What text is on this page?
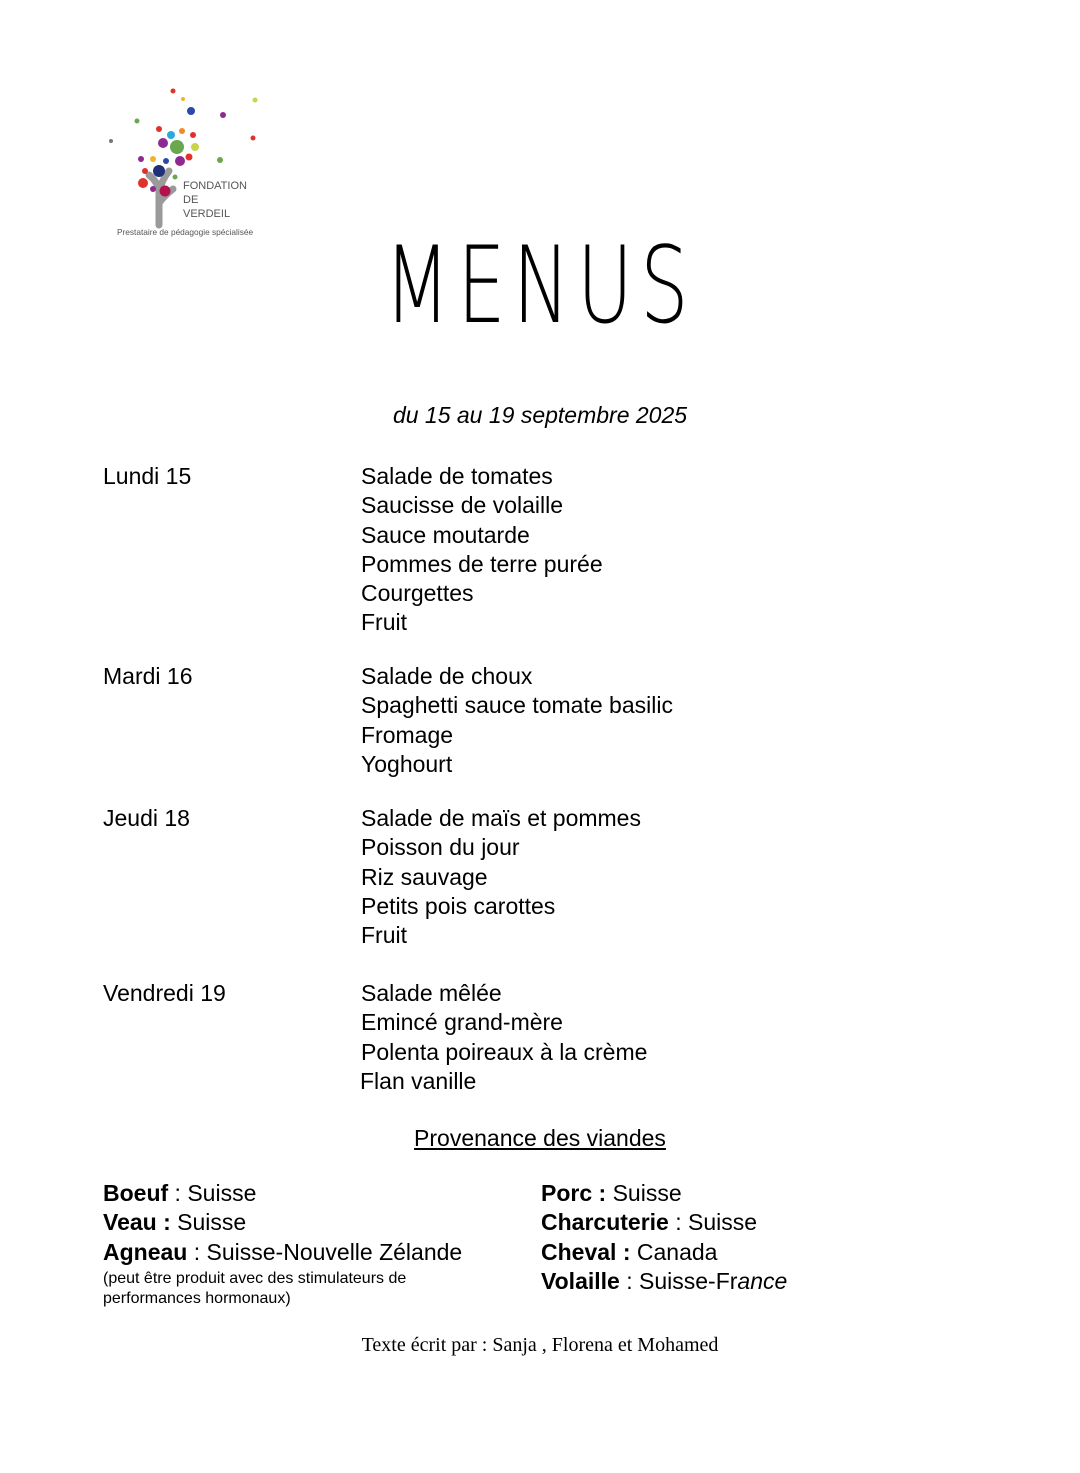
FONDATION
DE
VERDEIL
Prestataire de pédagogie spécialisée	MENUS
du 15 au 19 septembre 2025
Lundi 15	Salade de tomates
Saucisse de volaille
Sauce moutarde
Pommes de terre purée
Courgettes
Fruit
Mardi 16	Salade de choux
Spaghetti sauce tomate basilic
Fromage
Yoghourt
Jeudi 18	Salade de maïs et pommes
Poisson du jour
Riz sauvage
Petits pois carottes
Fruit
Vendredi 19	Salade mêlée
Emincé grand-mère
Polenta poireaux à la crème
Flan vanille
Provenance des viandes
Boeuf : Suisse
Veau : Suisse
Agneau : Suisse-Nouvelle Zélande
(peut être produit avec des stimulateurs de performances hormonaux)
Porc : Suisse
Charcuterie : Suisse
Cheval : Canada
Volaille : Suisse-France
Texte écrit par : Sanja , Florena et Mohamed
